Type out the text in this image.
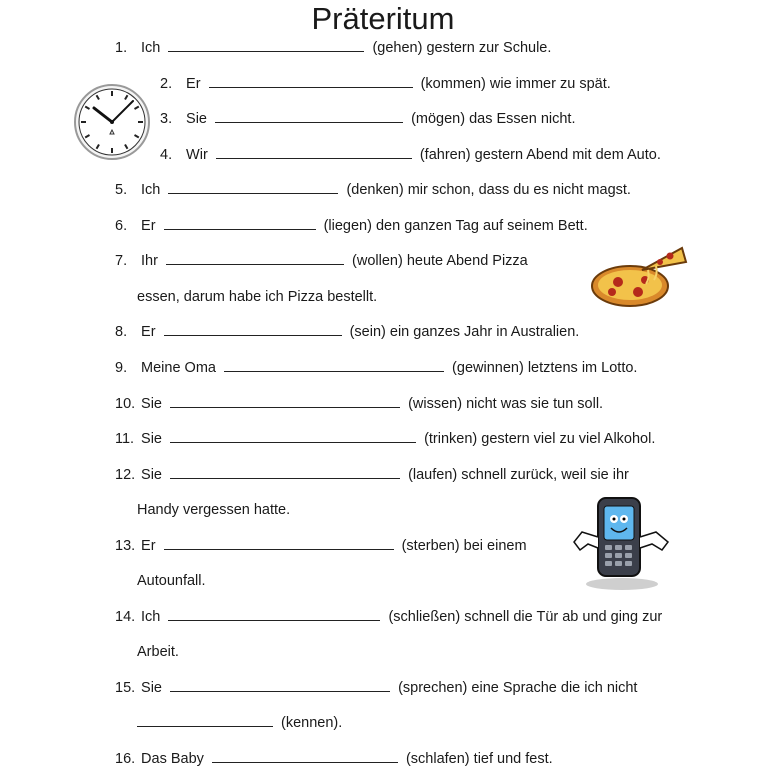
Präteritum
1. Ich	(gehen) gestern zur Schule.
2. Er	(kommen) wie immer zu spät.
3. Sie	(mögen) das Essen nicht.
4. Wir	(fahren) gestern Abend mit dem Auto.
5. Ich	(denken) mir schon, dass du es nicht magst.
6. Er	(liegen) den ganzen Tag auf seinem Bett.
7. Ihr	(wollen) heute Abend Pizza
essen, darum habe ich Pizza bestellt.
8. Er	(sein) ein ganzes Jahr in Australien.
9. Meine Oma	(gewinnen) letztens im Lotto.
10. Sie	(wissen) nicht was sie tun soll.
11. Sie	(trinken) gestern viel zu viel Alkohol.
12. Sie	(laufen) schnell zurück, weil sie ihr
Handy vergessen hatte.
13. Er	(sterben) bei einem
Autounfall.
14. Ich	(schließen) schnell die Tür ab und ging zur
Arbeit.
15. Sie	(sprechen) eine Sprache die ich nicht
(kennen).
16. Das Baby	(schlafen) tief und fest.
